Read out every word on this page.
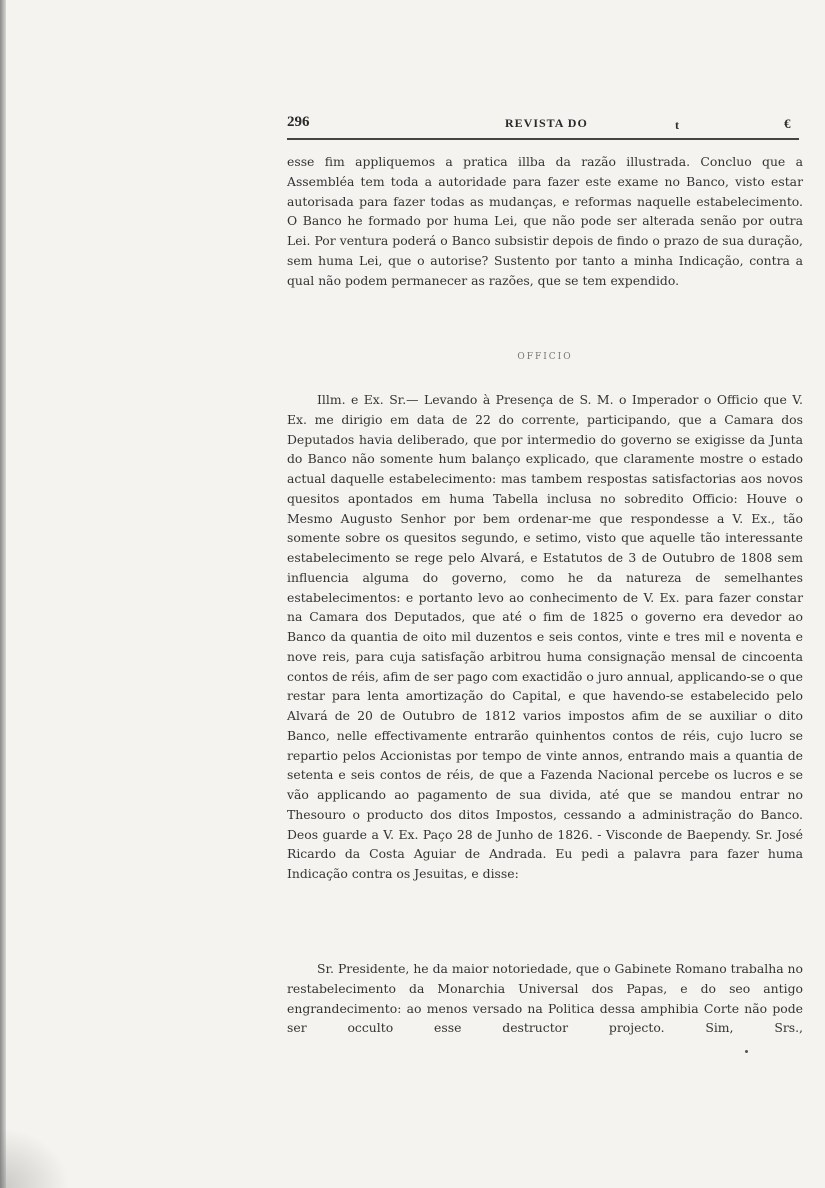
296	REVISTA DO	t	€

esse fim appliquemos a pratica illba da razão illustrada. Concluo que a Assembléa tem toda a autoridade para fazer este exame no Banco, visto estar autorisada para fazer todas as mudanças, e reformas naquelle estabelecimento. O Banco he formado por huma Lei, que não pode ser alterada senão por outra Lei. Por ventura poderá o Banco subsistir depois de findo o prazo de sua duração, sem huma Lei, que o autorise? Sustento por tanto a minha Indicação, contra a qual não podem permanecer as razões, que se tem expendido.

OFFICIO

Illm. e Ex. Sr.— Levando à Presença de S. M. o Imperador o Officio que V. Ex. me dirigio em data de 22 do corrente, participando, que a Camara dos Deputados havia deliberado, que por intermedio do governo se exigisse da Junta do Banco não somente hum balanço explicado, que claramente mostre o estado actual daquelle estabelecimento: mas tambem respostas satisfactorias aos novos quesitos apontados em huma Tabella inclusa no sobredito Officio: Houve o Mesmo Augusto Senhor por bem ordenar-me que respondesse a V. Ex., tão somente sobre os quesitos segundo, e setimo, visto que aquelle tão interessante estabelecimento se rege pelo Alvará, e Estatutos de 3 de Outubro de 1808 sem influencia alguma do governo, como he da natureza de semelhantes estabelecimentos: e portanto levo ao conhecimento de V. Ex. para fazer constar na Camara dos Deputados, que até o fim de 1825 o governo era devedor ao Banco da quantia de oito mil duzentos e seis contos, vinte e tres mil e noventa e nove reis, para cuja satisfação arbitrou huma consignação mensal de cincoenta contos de réis, afim de ser pago com exactidão o juro annual, applicando-se o que restar para lenta amortização do Capital, e que havendo-se estabelecido pelo Alvará de 20 de Outubro de 1812 varios impostos afim de se auxiliar o dito Banco, nelle effectivamente entrarão quinhentos contos de réis, cujo lucro se repartio pelos Accionistas por tempo de vinte annos, entrando mais a quantia de setenta e seis contos de réis, de que a Fazenda Nacional percebe os lucros e se vão applicando ao pagamento de sua divida, até que se mandou entrar no Thesouro o producto dos ditos Impostos, cessando a administração do Banco. Deos guarde a V. Ex. Paço 28 de Junho de 1826. - Visconde de Baependy. Sr. José Ricardo da Costa Aguiar de Andrada. Eu pedi a palavra para fazer huma Indicação contra os Jesuitas, e disse:

Sr. Presidente, he da maior notoriedade, que o Gabinete Romano trabalha no restabelecimento da Monarchia Universal dos Papas, e do seo antigo engrandecimento: ao menos versado na Politica dessa amphibia Corte não pode ser occulto esse destructor projecto. Sim, Srs.,
